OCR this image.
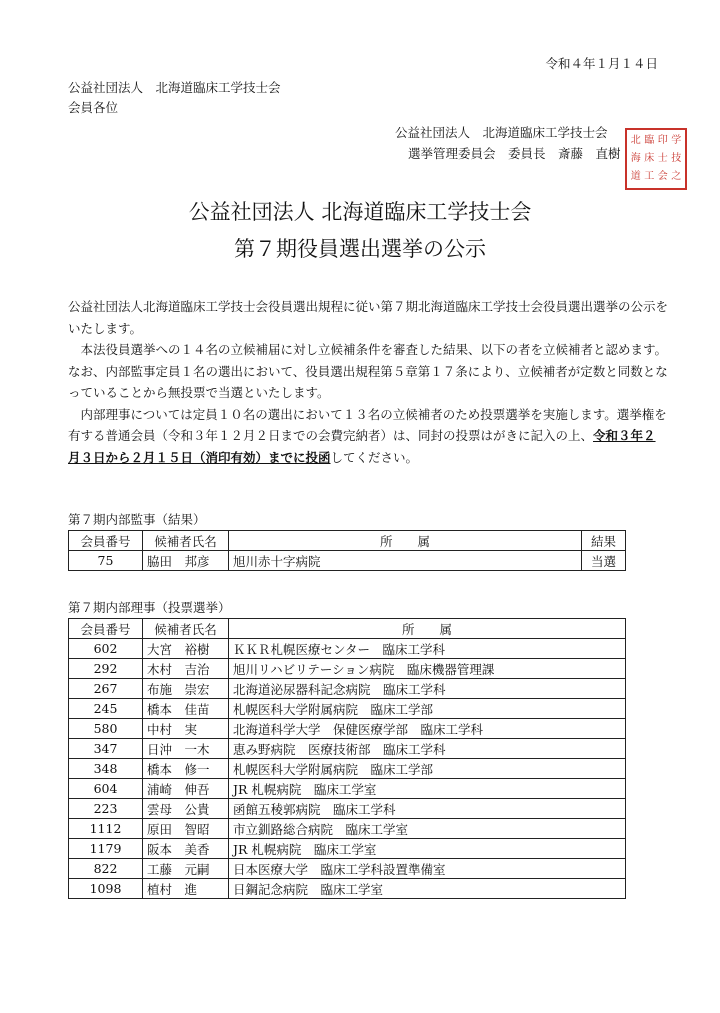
令和４年１月１４日
公益社団法人　北海道臨床工学技士会
会員各位
公益社団法人　北海道臨床工学技士会
選挙管理委員会　委員長　斎藤　直樹
北 臨 印 学
海 床 士 技
道 工 会 之
公益社団法人 北海道臨床工学技士会
第７期役員選出選挙の公示

公益社団法人北海道臨床工学技士会役員選出規程に従い第７期北海道臨床工学技士会役員選出選挙の公示をいたします。

本法役員選挙への１４名の立候補届に対し立候補条件を審査した結果、以下の者を立候補者と認めます。

なお、内部監事定員１名の選出において、役員選出規程第５章第１７条により、立候補者が定数と同数となっていることから無投票で当選といたします。

内部理事については定員１０名の選出において１３名の立候補者のため投票選挙を実施します。選挙権を有する普通会員（令和３年１２月２日までの会費完納者）は、同封の投票はがきに記入の上、令和３年２月３日から２月１５日（消印有効）までに投函してください。

第７期内部監事（結果）
会員番号	候補者氏名	所　　属	結果
75	脇田　邦彦	旭川赤十字病院	当選
第７期内部理事（投票選挙）
会員番号	候補者氏名	所　　属
602	大宮　裕樹	ＫＫＲ札幌医療センター　臨床工学科
292	木村　吉治	旭川リハビリテーション病院　臨床機器管理課
267	布施　崇宏	北海道泌尿器科記念病院　臨床工学科
245	橋本　佳苗	札幌医科大学附属病院　臨床工学部
580	中村　実	北海道科学大学　保健医療学部　臨床工学科
347	日沖　一木	恵み野病院　医療技術部　臨床工学科
348	橋本　修一	札幌医科大学附属病院　臨床工学部
604	浦崎　伸吾	JR 札幌病院　臨床工学室
223	雲母　公貴	函館五稜郭病院　臨床工学科
1112	原田　智昭	市立釧路総合病院　臨床工学室
1179	阪本　美香	JR 札幌病院　臨床工学室
822	工藤　元嗣	日本医療大学　臨床工学科設置準備室
1098	植村　進	日鋼記念病院　臨床工学室
